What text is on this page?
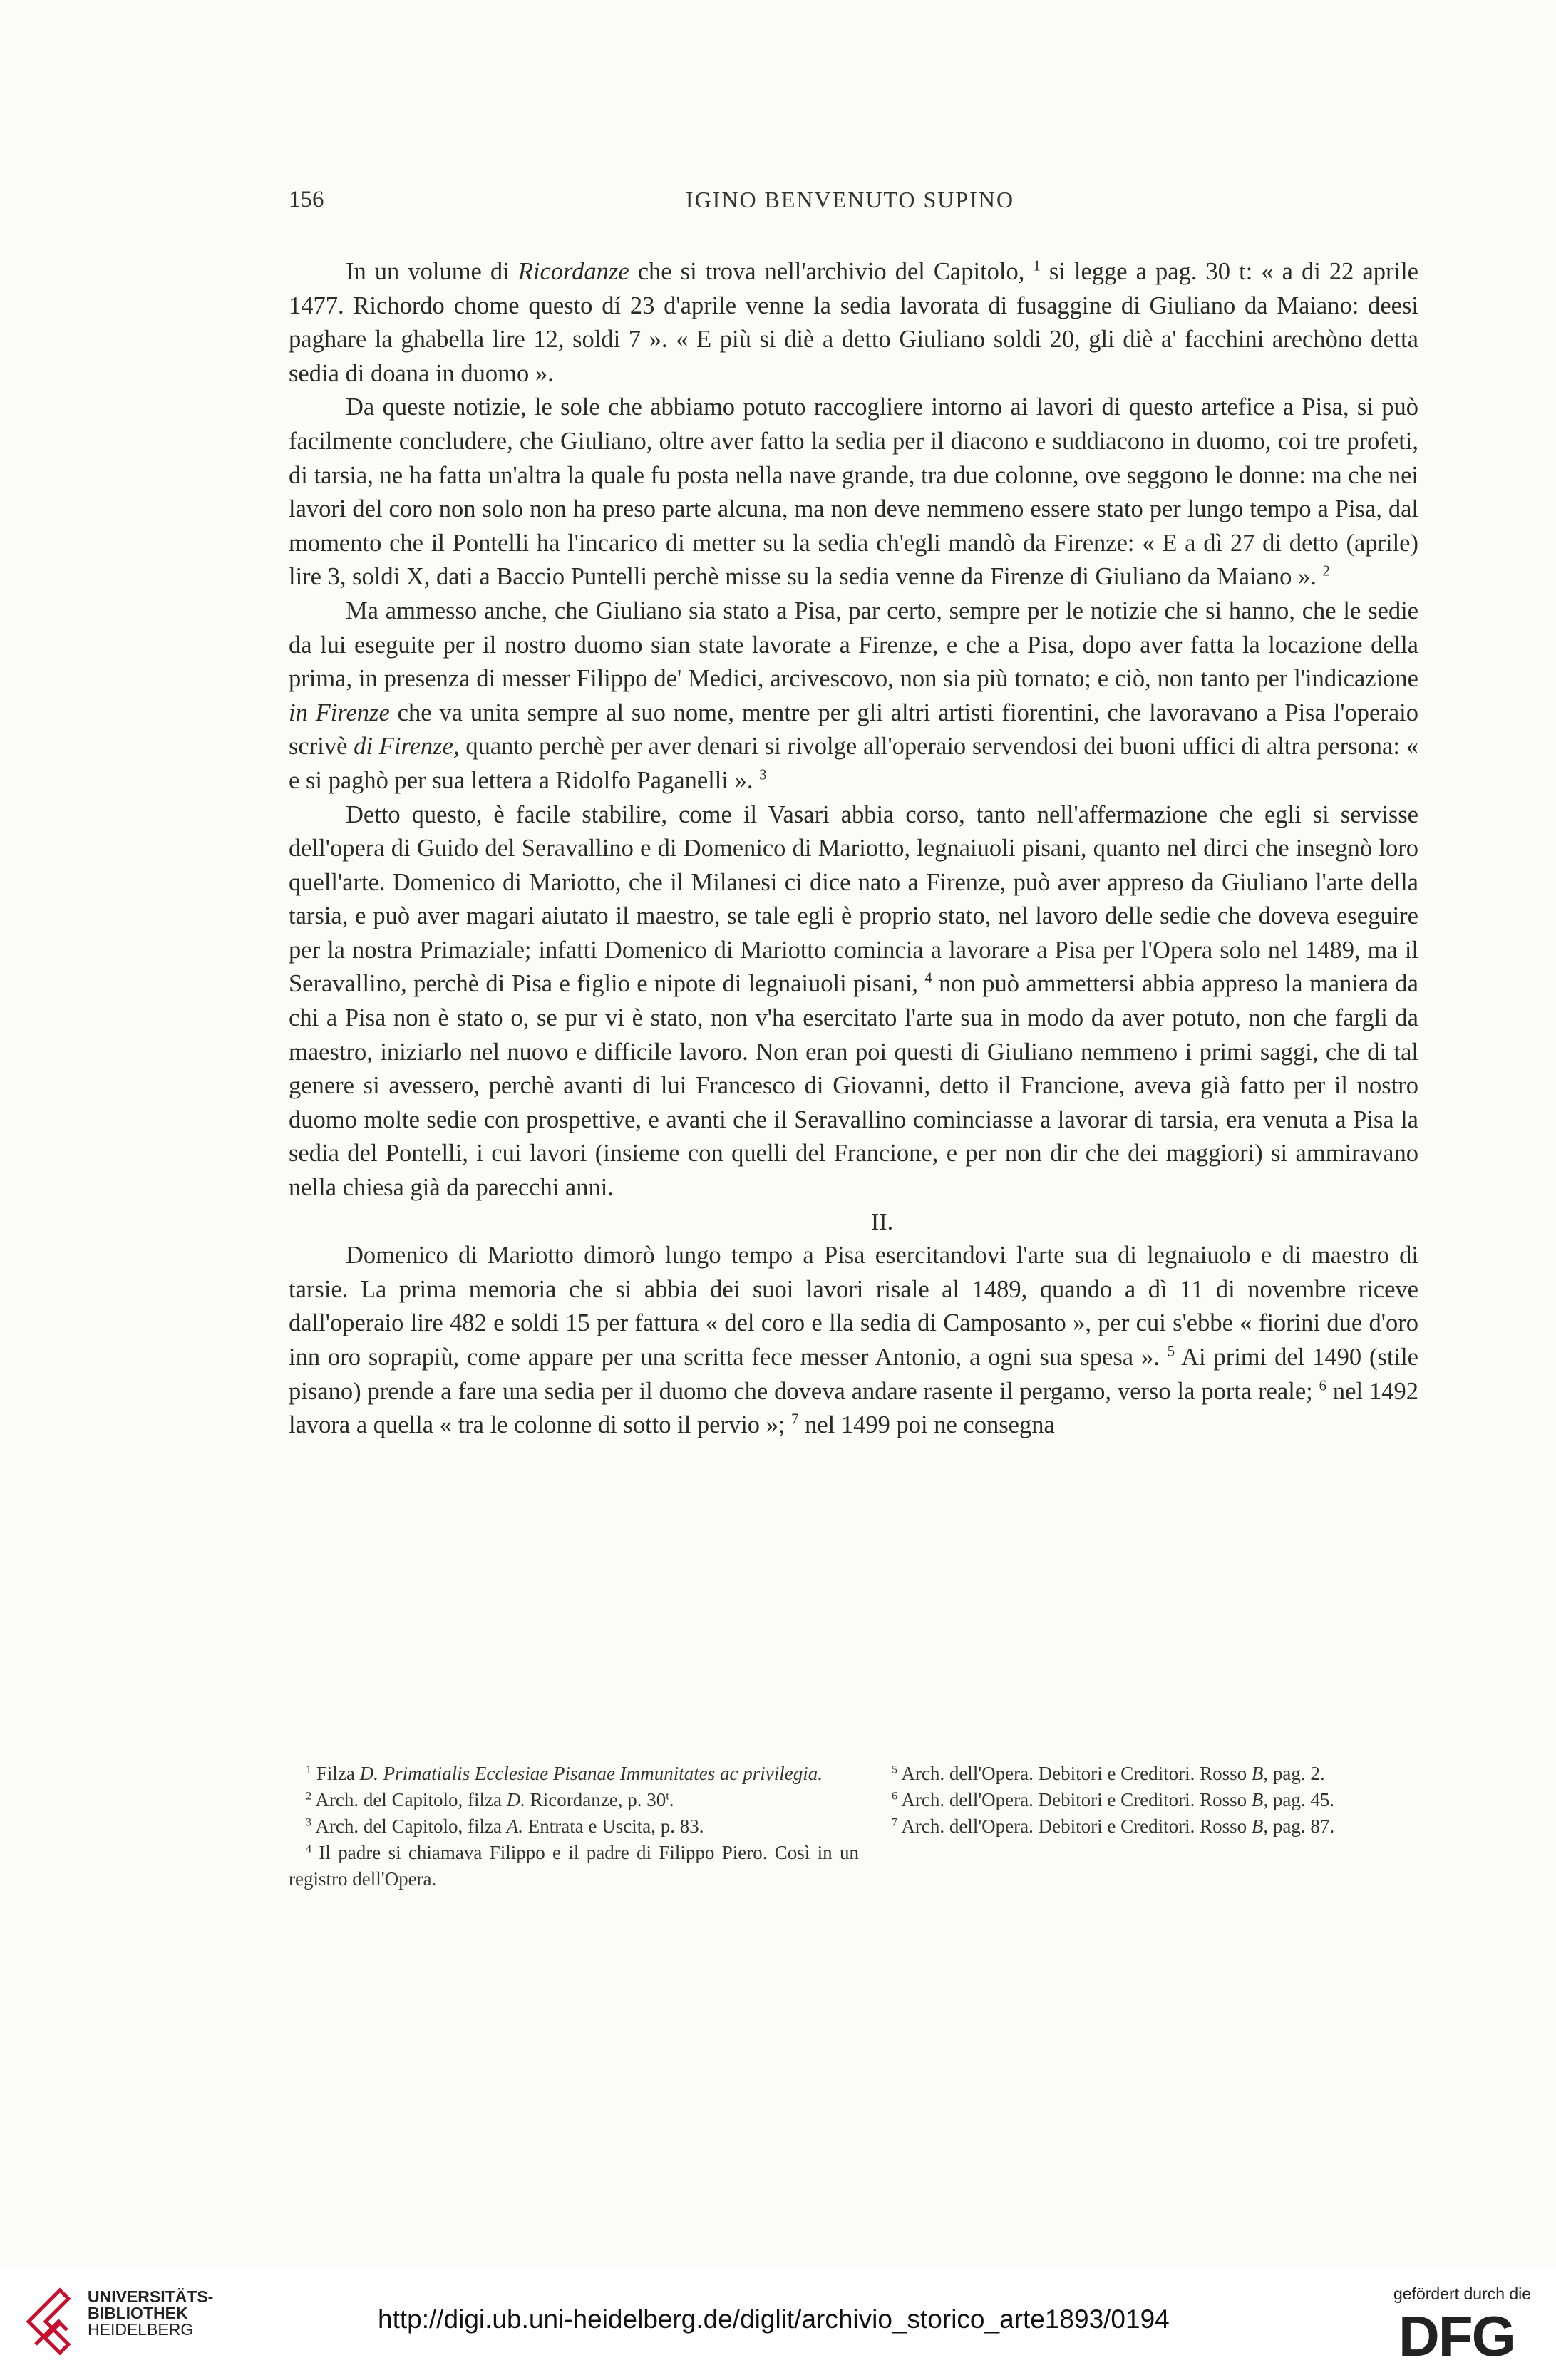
156	IGINO BENVENUTO SUPINO

In un volume di Ricordanze che si trova nell'archivio del Capitolo, $^1$ si legge a pag. 30 t: « a di 22 aprile 1477. Richordo chome questo dí 23 d'aprile venne la sedia lavorata di fusaggine di Giuliano da Maiano: deesi paghare la ghabella lire 12, soldi 7 ». « E più si diè a detto Giuliano soldi 20, gli diè a' facchini arechòno detta sedia di doana in duomo ».

Da queste notizie, le sole che abbiamo potuto raccogliere intorno ai lavori di questo artefice a Pisa, si può facilmente concludere, che Giuliano, oltre aver fatto la sedia per il diacono e suddiacono in duomo, coi tre profeti, di tarsia, ne ha fatta un'altra la quale fu posta nella nave grande, tra due colonne, ove seggono le donne: ma che nei lavori del coro non solo non ha preso parte alcuna, ma non deve nemmeno essere stato per lungo tempo a Pisa, dal momento che il Pontelli ha l'incarico di metter su la sedia ch'egli mandò da Firenze: « E a dì 27 di detto (aprile) lire 3, soldi X, dati a Baccio Puntelli perchè misse su la sedia venne da Firenze di Giuliano da Maiano ». $^2$

Ma ammesso anche, che Giuliano sia stato a Pisa, par certo, sempre per le notizie che si hanno, che le sedie da lui eseguite per il nostro duomo sian state lavorate a Firenze, e che a Pisa, dopo aver fatta la locazione della prima, in presenza di messer Filippo de' Medici, arcivescovo, non sia più tornato; e ciò, non tanto per l'indicazione in Firenze che va unita sempre al suo nome, mentre per gli altri artisti fiorentini, che lavoravano a Pisa l'operaio scrivè di Firenze, quanto perchè per aver denari si rivolge all'operaio servendosi dei buoni uffici di altra persona: « e si paghò per sua lettera a Ridolfo Paganelli ». $^3$

Detto questo, è facile stabilire, come il Vasari abbia corso, tanto nell'affermazione che egli si servisse dell'opera di Guido del Seravallino e di Domenico di Mariotto, legnaiuoli pisani, quanto nel dirci che insegnò loro quell'arte. Domenico di Mariotto, che il Milanesi ci dice nato a Firenze, può aver appreso da Giuliano l'arte della tarsia, e può aver magari aiutato il maestro, se tale egli è proprio stato, nel lavoro delle sedie che doveva eseguire per la nostra Primaziale; infatti Domenico di Mariotto comincia a lavorare a Pisa per l'Opera solo nel 1489, ma il Seravallino, perchè di Pisa e figlio e nipote di legnaiuoli pisani, $^4$ non può ammettersi abbia appreso la maniera da chi a Pisa non è stato o, se pur vi è stato, non v'ha esercitato l'arte sua in modo da aver potuto, non che fargli da maestro, iniziarlo nel nuovo e difficile lavoro. Non eran poi questi di Giuliano nemmeno i primi saggi, che di tal genere si avessero, perchè avanti di lui Francesco di Giovanni, detto il Francione, aveva già fatto per il nostro duomo molte sedie con prospettive, e avanti che il Seravallino cominciasse a lavorar di tarsia, era venuta a Pisa la sedia del Pontelli, i cui lavori (insieme con quelli del Francione, e per non dir che dei maggiori) si ammiravano nella chiesa già da parecchi anni.

II.

Domenico di Mariotto dimorò lungo tempo a Pisa esercitandovi l'arte sua di legnaiuolo e di maestro di tarsie. La prima memoria che si abbia dei suoi lavori risale al 1489, quando a dì 11 di novembre riceve dall'operaio lire 482 e soldi 15 per fattura « del coro e lla sedia di Camposanto », per cui s'ebbe « fiorini due d'oro inn oro soprapiù, come appare per una scritta fece messer Antonio, a ogni sua spesa ». $^5$ Ai primi del 1490 (stile pisano) prende a fare una sedia per il duomo che doveva andare rasente il pergamo, verso la porta reale; $^6$ nel 1492 lavora a quella « tra le colonne di sotto il pervio »; $^7$ nel 1499 poi ne consegna

$^1$ Filza D. Primatialis Ecclesiae Pisanae Immunitates ac privilegia.
$^2$ Arch. del Capitolo, filza D. Ricordanze, p. 30$^t$.
$^3$ Arch. del Capitolo, filza A. Entrata e Uscita, p. 83.
$^4$ Il padre si chiamava Filippo e il padre di Filippo Piero. Così in un registro dell'Opera.
$^5$ Arch. dell'Opera. Debitori e Creditori. Rosso B, pag. 2.
$^6$ Arch. dell'Opera. Debitori e Creditori. Rosso B, pag. 45.
$^7$ Arch. dell'Opera. Debitori e Creditori. Rosso B, pag. 87.
UNIVERSITÄTS-
BIBLIOTHEK
HEIDELBERG	http://digi.ub.uni-heidelberg.de/diglit/archivio_storico_arte1893/0194
gefördert durch die
DFG
